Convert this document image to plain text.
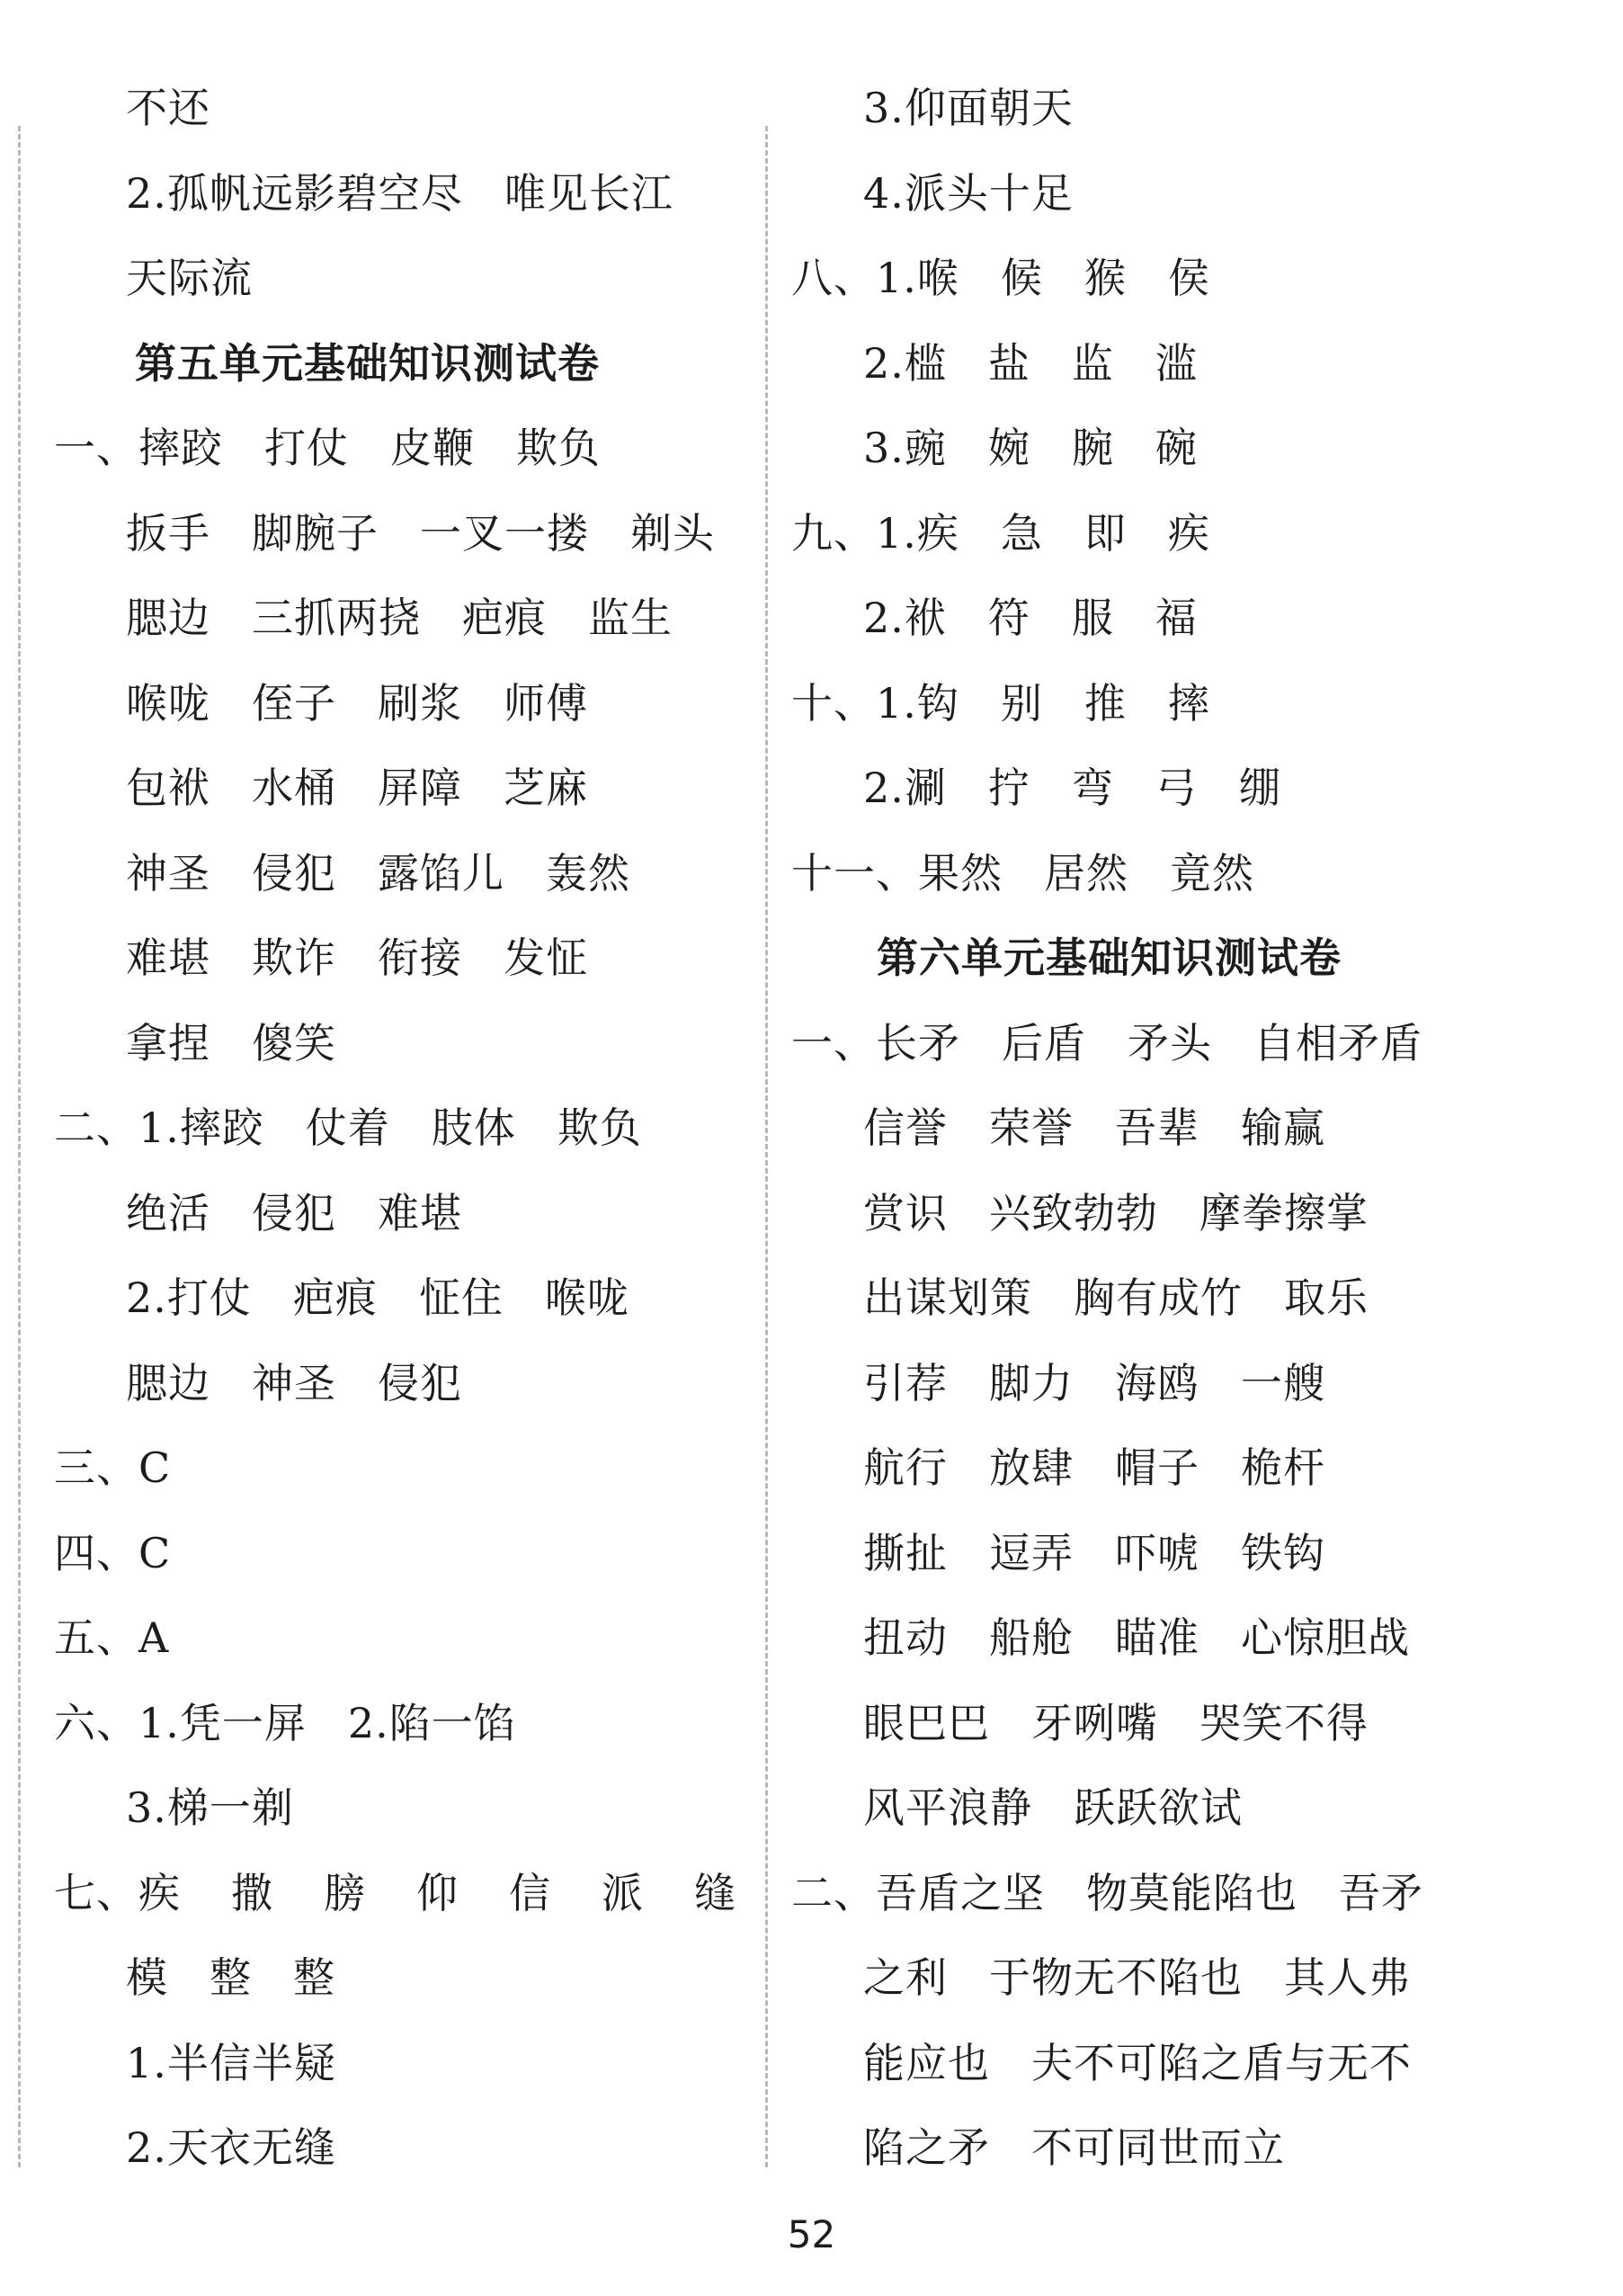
不还
2.孤帆远影碧空尽 唯见长江
天际流
第五单元基础知识测试卷
一、摔跤 打仗 皮鞭 欺负
扳手 脚腕子 一叉一搂 剃头
腮边 三抓两挠 疤痕 监生
喉咙 侄子 刷浆 师傅
包袱 水桶 屏障 芝麻
神圣 侵犯 露馅儿 轰然
难堪 欺诈 衔接 发怔
拿捏 傻笑
二、1.摔跤 仗着 肢体 欺负
绝活 侵犯 难堪
2.打仗 疤痕 怔住 喉咙
腮边 神圣 侵犯
三、C
四、C
五、A
六、1.凭一屏 2.陷一馅
3.梯一剃
七、疾 撒 膀 仰 信 派 缝
模 整 整
1.半信半疑
2.天衣无缝
3.仰面朝天
4.派头十足
八、1.喉 候 猴 侯
2.槛 盐 监 滥
3.豌 婉 腕 碗
九、1.疾 急 即 疾
2.袱 符 服 福
十、1.钩 别 推 摔
2.涮 拧 弯 弓 绷
十一、果然 居然 竟然
第六单元基础知识测试卷
一、长矛 后盾 矛头 自相矛盾
信誉 荣誉 吾辈 输赢
赏识 兴致勃勃 摩拳擦掌
出谋划策 胸有成竹 取乐
引荐 脚力 海鸥 一艘
航行 放肆 帽子 桅杆
撕扯 逗弄 吓唬 铁钩
扭动 船舱 瞄准 心惊胆战
眼巴巴 牙咧嘴 哭笑不得
风平浪静 跃跃欲试
二、吾盾之坚 物莫能陷也 吾矛
之利 于物无不陷也 其人弗
能应也 夫不可陷之盾与无不
陷之矛 不可同世而立
52
